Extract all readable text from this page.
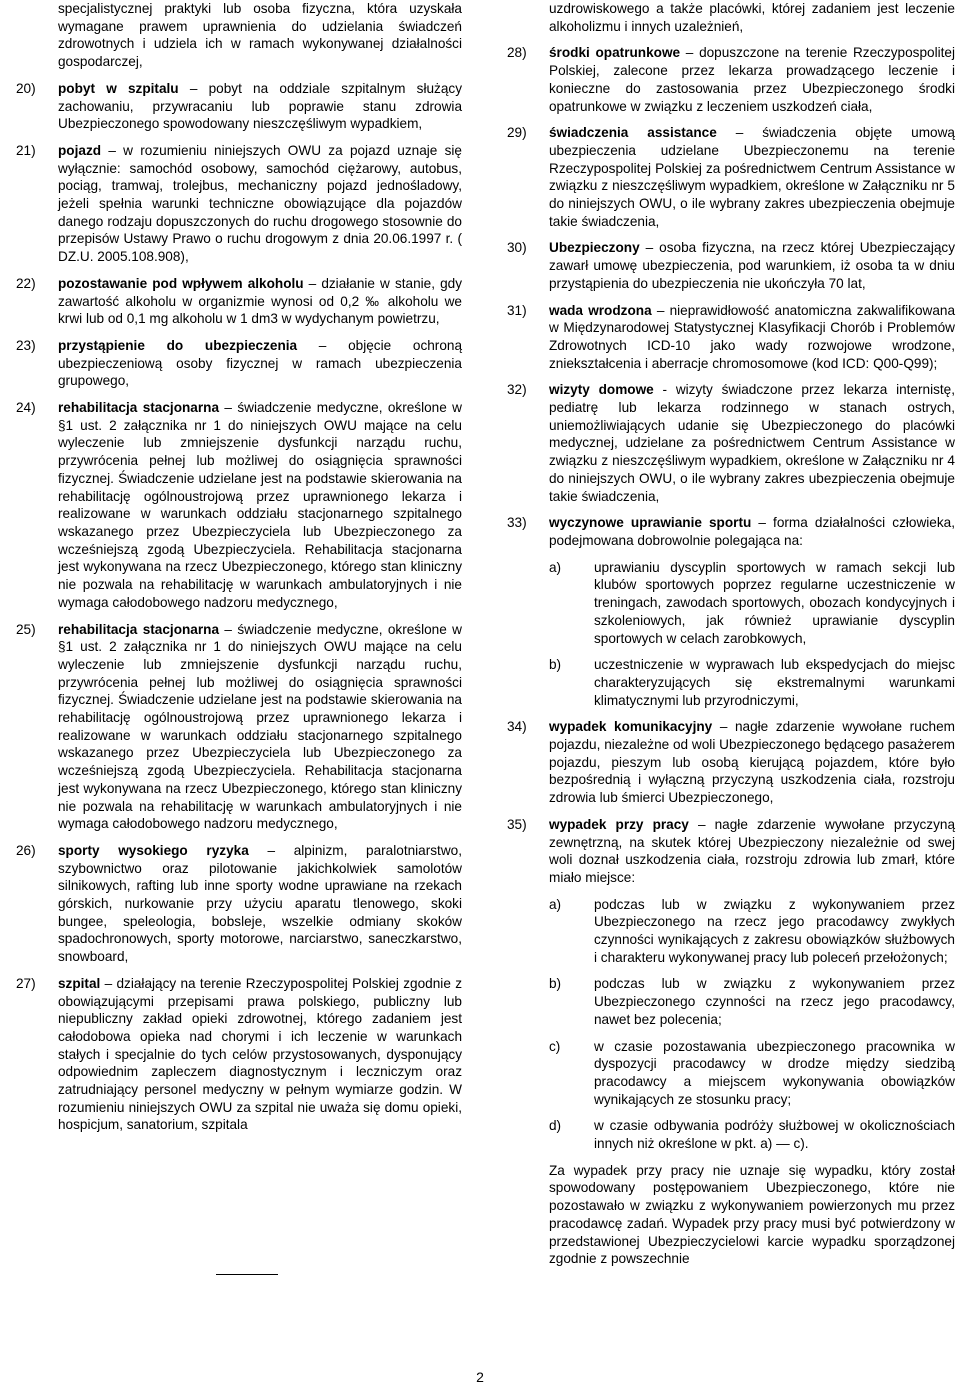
specjalistycznej praktyki lub osoba fizyczna, która uzyskała wymagane prawem uprawnienia do udzielania świadczeń zdrowotnych i udziela ich w ramach wykonywanej działalności gospodarczej,

20) pobyt w szpitalu – pobyt na oddziale szpitalnym służący zachowaniu, przywracaniu lub poprawie stanu zdrowia Ubezpieczonego spowodowany nieszczęśliwym wypadkiem,
21) pojazd – w rozumieniu niniejszych OWU za pojazd uznaje się wyłącznie: samochód osobowy, samochód ciężarowy, autobus, pociąg, tramwaj, trolejbus, mechaniczny pojazd jednośladowy, jeżeli spełnia warunki techniczne obowiązujące dla pojazdów danego rodzaju dopuszczonych do ruchu drogowego stosownie do przepisów Ustawy Prawo o ruchu drogowym z dnia 20.06.1997 r. ( DZ.U. 2005.108.908),
22) pozostawanie pod wpływem alkoholu – działanie w stanie, gdy zawartość alkoholu w organizmie wynosi od 0,2 ‰ alkoholu we krwi lub od 0,1 mg alkoholu w 1 dm3 w wydychanym powietrzu,
23) przystąpienie do ubezpieczenia – objęcie ochroną ubezpieczeniową osoby fizycznej w ramach ubezpieczenia grupowego,
24) rehabilitacja stacjonarna – świadczenie medyczne, określone w §1 ust. 2 załącznika nr 1 do niniejszych OWU mające na celu wyleczenie lub zmniejszenie dysfunkcji narządu ruchu, przywrócenia pełnej lub możliwej do osiągnięcia sprawności fizycznej. Świadczenie udzielane jest na podstawie skierowania na rehabilitację ogólnoustrojową przez uprawnionego lekarza i realizowane w warunkach oddziału stacjonarnego szpitalnego wskazanego przez Ubezpieczyciela lub Ubezpieczonego za wcześniejszą zgodą Ubezpieczyciela. Rehabilitacja stacjonarna jest wykonywana na rzecz Ubezpieczonego, którego stan kliniczny nie pozwala na rehabilitację w warunkach ambulatoryjnych i nie wymaga całodobowego nadzoru medycznego,
25) rehabilitacja stacjonarna – świadczenie medyczne, określone w §1 ust. 2 załącznika nr 1 do niniejszych OWU mające na celu wyleczenie lub zmniejszenie dysfunkcji narządu ruchu, przywrócenia pełnej lub możliwej do osiągnięcia sprawności fizycznej. Świadczenie udzielane jest na podstawie skierowania na rehabilitację ogólnoustrojową przez uprawnionego lekarza i realizowane w warunkach oddziału stacjonarnego szpitalnego wskazanego przez Ubezpieczyciela lub Ubezpieczonego za wcześniejszą zgodą Ubezpieczyciela. Rehabilitacja stacjonarna jest wykonywana na rzecz Ubezpieczonego, którego stan kliniczny nie pozwala na rehabilitację w warunkach ambulatoryjnych i nie wymaga całodobowego nadzoru medycznego,
26) sporty wysokiego ryzyka – alpinizm, paralotniarstwo, szybownictwo oraz pilotowanie jakichkolwiek samolotów silnikowych, rafting lub inne sporty wodne uprawiane na rzekach górskich, nurkowanie przy użyciu aparatu tlenowego, skoki bungee, speleologia, bobsleje, wszelkie odmiany skoków spadochronowych, sporty motorowe, narciarstwo, saneczkarstwo, snowboard,
27) szpital – działający na terenie Rzeczypospolitej Polskiej zgodnie z obowiązującymi przepisami prawa polskiego, publiczny lub niepubliczny zakład opieki zdrowotnej, którego zadaniem jest całodobowa opieka nad chorymi i ich leczenie w warunkach stałych i specjalnie do tych celów przystosowanych, dysponujący odpowiednim zapleczem diagnostycznym i leczniczym oraz zatrudniający personel medyczny w pełnym wymiarze godzin. W rozumieniu niniejszych OWU za szpital nie uważa się domu opieki, hospicjum, sanatorium, szpitala

uzdrowiskowego a także placówki, której zadaniem jest leczenie alkoholizmu i innych uzależnień,

28) środki opatrunkowe – dopuszczone na terenie Rzeczypospolitej Polskiej, zalecone przez lekarza prowadzącego leczenie i konieczne do zastosowania przez Ubezpieczonego środki opatrunkowe w związku z leczeniem uszkodzeń ciała,
29) świadczenia assistance – świadczenia objęte umową ubezpieczenia udzielane Ubezpieczonemu na terenie Rzeczypospolitej Polskiej za pośrednictwem Centrum Assistance w związku z nieszczęśliwym wypadkiem, określone w Załączniku nr 5 do niniejszych OWU, o ile wybrany zakres ubezpieczenia obejmuje takie świadczenia,
30) Ubezpieczony – osoba fizyczna, na rzecz której Ubezpieczający zawarł umowę ubezpieczenia, pod warunkiem, iż osoba ta w dniu przystąpienia do ubezpieczenia nie ukończyła 70 lat,
31) wada wrodzona – nieprawidłowość anatomiczna zakwalifikowana w Międzynarodowej Statystycznej Klasyfikacji Chorób i Problemów Zdrowotnych ICD-10 jako wady rozwojowe wrodzone, zniekształcenia i aberracje chromosomowe (kod ICD: Q00-Q99);
32) wizyty domowe - wizyty świadczone przez lekarza internistę, pediatrę lub lekarza rodzinnego w stanach ostrych, uniemożliwiających udanie się Ubezpieczonego do placówki medycznej, udzielane za pośrednictwem Centrum Assistance w związku z nieszczęśliwym wypadkiem, określone w Załączniku nr 4 do niniejszych OWU, o ile wybrany zakres ubezpieczenia obejmuje takie świadczenia,
33) wyczynowe uprawianie sportu – forma działalności człowieka, podejmowana dobrowolnie polegająca na:
a) uprawianiu dyscyplin sportowych w ramach sekcji lub klubów sportowych poprzez regularne uczestniczenie w treningach, zawodach sportowych, obozach kondycyjnych i szkoleniowych, jak również uprawianie dyscyplin sportowych w celach zarobkowych,
b) uczestniczenie w wyprawach lub ekspedycjach do miejsc charakteryzujących się ekstremalnymi warunkami klimatycznymi lub przyrodniczymi,
34) wypadek komunikacyjny – nagłe zdarzenie wywołane ruchem pojazdu, niezależne od woli Ubezpieczonego będącego pasażerem pojazdu, pieszym lub osobą kierującą pojazdem, które było bezpośrednią i wyłączną przyczyną uszkodzenia ciała, rozstroju zdrowia lub śmierci Ubezpieczonego,
35) wypadek przy pracy – nagłe zdarzenie wywołane przyczyną zewnętrzną, na skutek której Ubezpieczony niezależnie od swej woli doznał uszkodzenia ciała, rozstroju zdrowia lub zmarł, które miało miejsce:
a) podczas lub w związku z wykonywaniem przez Ubezpieczonego na rzecz jego pracodawcy zwykłych czynności wynikających z zakresu obowiązków służbowych i charakteru wykonywanej pracy lub poleceń przełożonych;
b) podczas lub w związku z wykonywaniem przez Ubezpieczonego czynności na rzecz jego pracodawcy, nawet bez polecenia;
c) w czasie pozostawania ubezpieczonego pracownika w dyspozycji pracodawcy w drodze między siedzibą pracodawcy a miejscem wykonywania obowiązków wynikających ze stosunku pracy;
d) w czasie odbywania podróży służbowej w okolicznościach innych niż określone w pkt. a) — c).

Za wypadek przy pracy nie uznaje się wypadku, który został spowodowany postępowaniem Ubezpieczonego, które nie pozostawało w związku z wykonywaniem powierzonych mu przez pracodawcę zadań. Wypadek przy pracy musi być potwierdzony w przedstawionej Ubezpieczycielowi karcie wypadku sporządzonej zgodnie z powszechnie

2
